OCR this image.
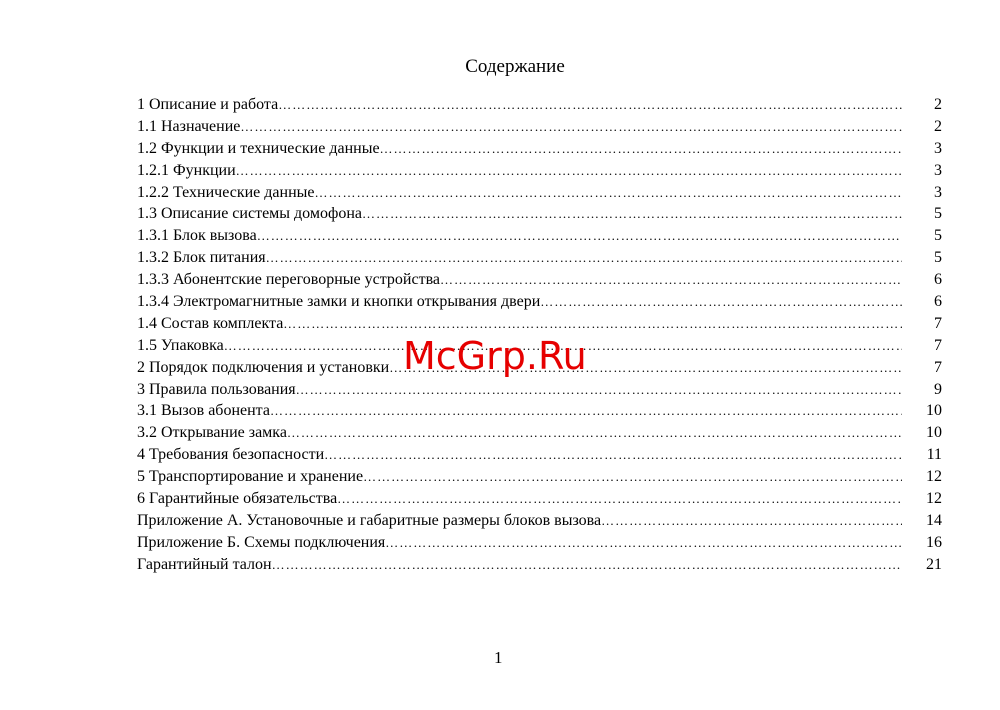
Содержание
1 Описание и работа ………………………………………………………………………………………………………………………………………………………………………………………………	2
1.1 Назначение ………………………………………………………………………………………………………………………………………………………………………………………………	2
1.2 Функции и технические данные ………………………………………………………………………………………………………………………………………………………………………………………………	3
1.2.1 Функции ………………………………………………………………………………………………………………………………………………………………………………………………	3
1.2.2 Технические данные ………………………………………………………………………………………………………………………………………………………………………………………………	3
1.3 Описание системы домофона ………………………………………………………………………………………………………………………………………………………………………………………………	5
1.3.1 Блок вызова ………………………………………………………………………………………………………………………………………………………………………………………………	5
1.3.2 Блок питания ………………………………………………………………………………………………………………………………………………………………………………………………	5
1.3.3 Абонентские переговорные устройства ………………………………………………………………………………………………………………………………………………………………………………………………	6
1.3.4 Электромагнитные замки и кнопки открывания двери ………………………………………………………………………………………………………………………………………………………………………………………………	6
1.4 Состав комплекта ………………………………………………………………………………………………………………………………………………………………………………………………	7
1.5 Упаковка ………………………………………………………………………………………………………………………………………………………………………………………………	7
2 Порядок подключения и установки ………………………………………………………………………………………………………………………………………………………………………………………………	7
3 Правила пользования ………………………………………………………………………………………………………………………………………………………………………………………………	9
3.1 Вызов абонента ………………………………………………………………………………………………………………………………………………………………………………………………	10
3.2 Открывание замка ………………………………………………………………………………………………………………………………………………………………………………………………	10
4 Требования безопасности ………………………………………………………………………………………………………………………………………………………………………………………………	11
5 Транспортирование и хранение ………………………………………………………………………………………………………………………………………………………………………………………………	12
6 Гарантийные обязательства ………………………………………………………………………………………………………………………………………………………………………………………………	12
Приложение А. Установочные и габаритные размеры блоков вызова ………………………………………………………………………………………………………………………………………………………………………………………………	14
Приложение Б. Схемы подключения ………………………………………………………………………………………………………………………………………………………………………………………………	16
Гарантийный талон ………………………………………………………………………………………………………………………………………………………………………………………………	21
McGrp.Ru
1
